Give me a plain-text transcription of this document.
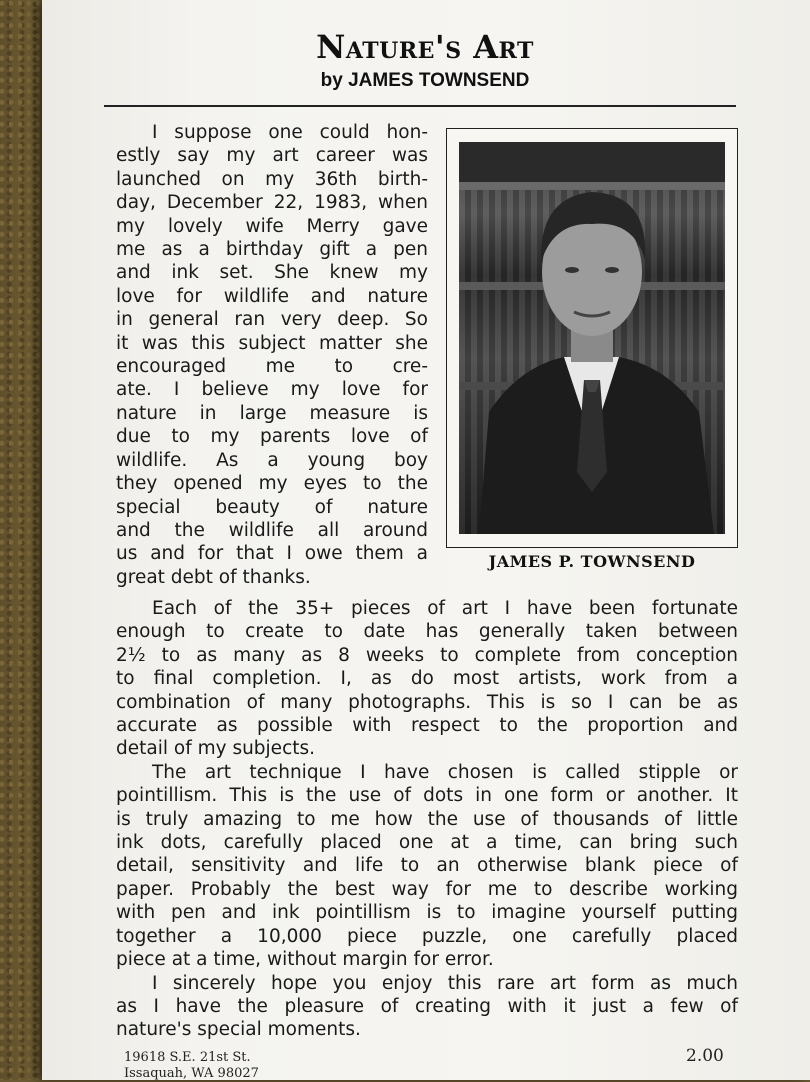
Nature's Art
by JAMES TOWNSEND
JAMES P. TOWNSEND
I suppose one could hon-
estly say my art career was
launched on my 36th birth-
day, December 22, 1983, when
my lovely wife Merry gave
me as a birthday gift a pen
and ink set. She knew my
love for wildlife and nature
in general ran very deep. So
it was this subject matter she
encouraged me to cre-
ate. I believe my love for
nature in large measure is
due to my parents love of
wildlife. As a young boy
they opened my eyes to the
special beauty of nature
and the wildlife all around
us and for that I owe them a
great debt of thanks.
Each of the 35+ pieces of art I have been fortunate
enough to create to date has generally taken between
2½ to as many as 8 weeks to complete from conception
to final completion. I, as do most artists, work from a
combination of many photographs. This is so I can be as
accurate as possible with respect to the proportion and
detail of my subjects.
The art technique I have chosen is called stipple or
pointillism. This is the use of dots in one form or another. It
is truly amazing to me how the use of thousands of little
ink dots, carefully placed one at a time, can bring such
detail, sensitivity and life to an otherwise blank piece of
paper. Probably the best way for me to describe working
with pen and ink pointillism is to imagine yourself putting
together a 10,000 piece puzzle, one carefully placed
piece at a time, without margin for error.
I sincerely hope you enjoy this rare art form as much
as I have the pleasure of creating with it just a few of
nature's special moments.
19618 S.E. 21st St.
Issaquah, WA 98027
2.00
